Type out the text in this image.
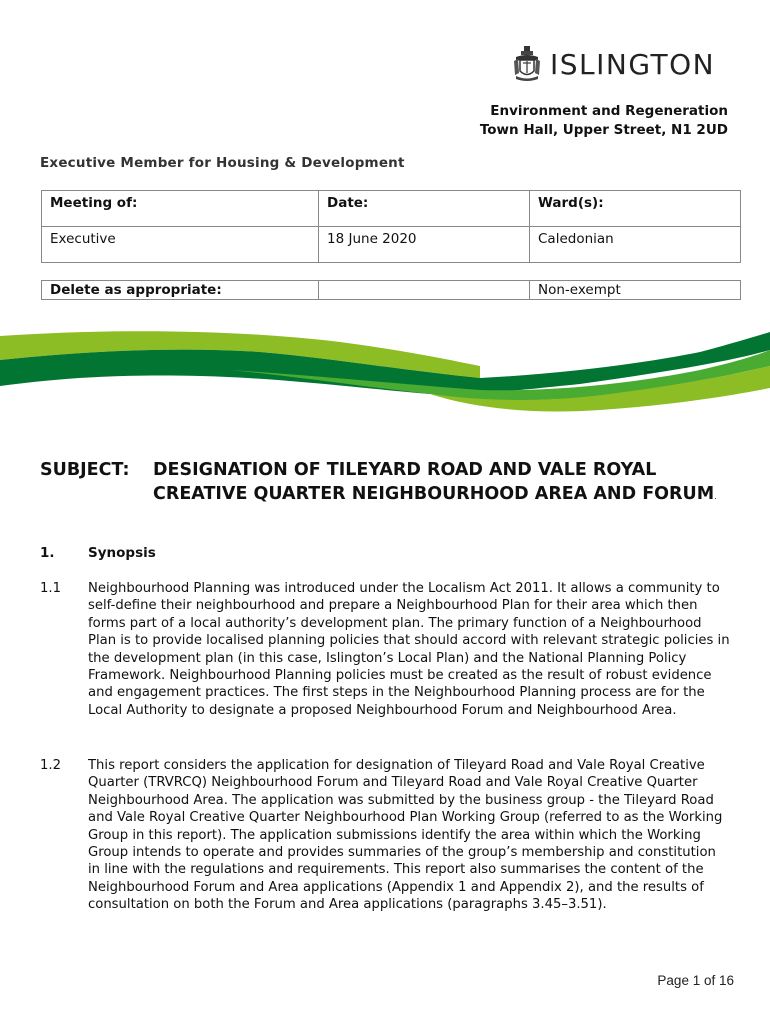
ISLINGTON
Environment and Regeneration
Town Hall, Upper Street, N1 2UD
Executive Member for Housing & Development
Meeting of:	Date:	Ward(s):
Executive	18 June 2020	Caledonian
Delete as appropriate:		Non-exempt
SUBJECT: DESIGNATION OF TILEYARD ROAD AND VALE ROYAL CREATIVE QUARTER NEIGHBOURHOOD AREA AND FORUM.
1. Synopsis
1.1 Neighbourhood Planning was introduced under the Localism Act 2011. It allows a community to self-define their neighbourhood and prepare a Neighbourhood Plan for their area which then forms part of a local authority’s development plan. The primary function of a Neighbourhood Plan is to provide localised planning policies that should accord with relevant strategic policies in the development plan (in this case, Islington’s Local Plan) and the National Planning Policy Framework. Neighbourhood Planning policies must be created as the result of robust evidence and engagement practices. The first steps in the Neighbourhood Planning process are for the Local Authority to designate a proposed Neighbourhood Forum and Neighbourhood Area.
1.2 This report considers the application for designation of Tileyard Road and Vale Royal Creative Quarter (TRVRCQ) Neighbourhood Forum and Tileyard Road and Vale Royal Creative Quarter Neighbourhood Area. The application was submitted by the business group - the Tileyard Road and Vale Royal Creative Quarter Neighbourhood Plan Working Group (referred to as the Working Group in this report). The application submissions identify the area within which the Working Group intends to operate and provides summaries of the group’s membership and constitution in line with the regulations and requirements. This report also summarises the content of the Neighbourhood Forum and Area applications (Appendix 1 and Appendix 2), and the results of consultation on both the Forum and Area applications (paragraphs 3.45–3.51).
Page 1 of 16
